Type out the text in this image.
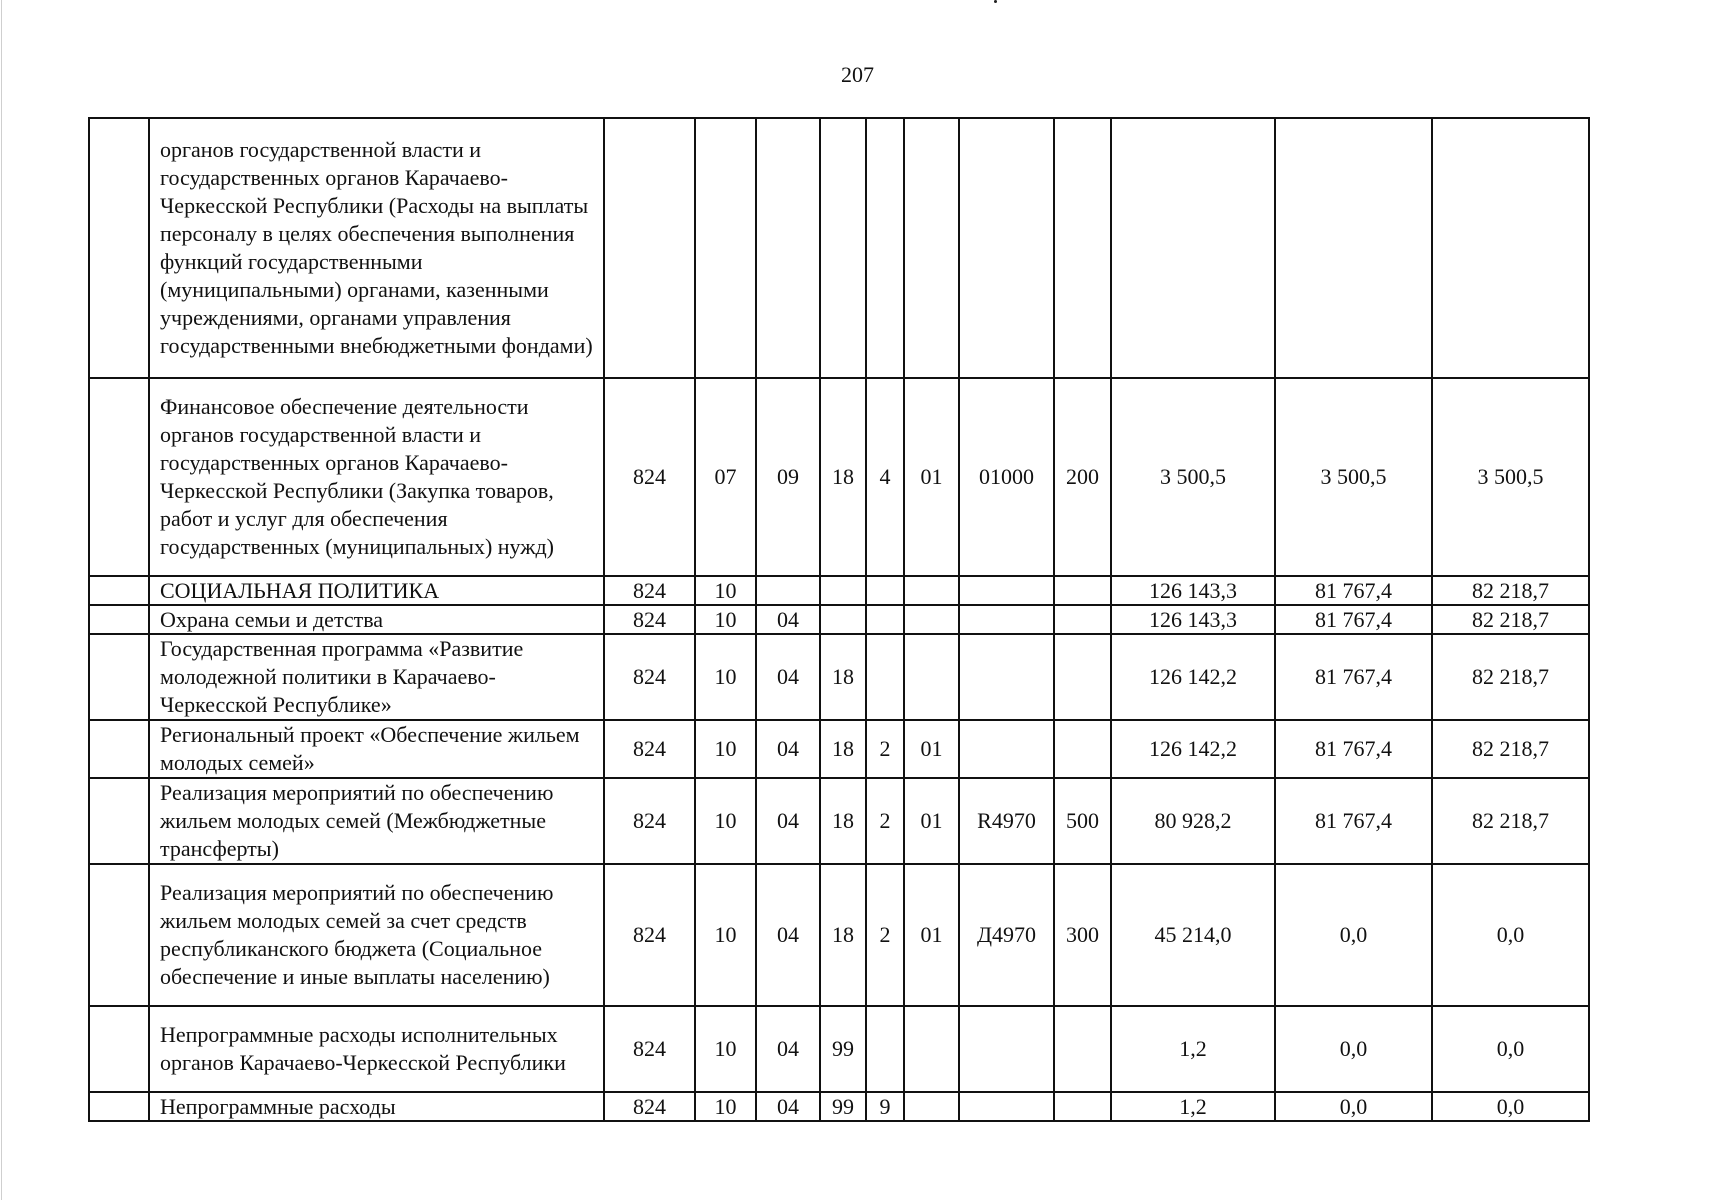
207
	органов государственной власти и государственных органов Карачаево-Черкесской Республики (Расходы на выплаты персоналу в целях обеспечения выполнения функций государственными (муниципальными) органами, казенными учреждениями, органами управления государственными внебюджетными фондами)											
	Финансовое обеспечение деятельности органов государственной власти и государственных органов Карачаево-Черкесской Республики (Закупка товаров, работ и услуг для обеспечения государственных (муниципальных) нужд)	824	07	09	18	4	01	01000	200	3 500,5	3 500,5	3 500,5
	СОЦИАЛЬНАЯ ПОЛИТИКА	824	10							126 143,3	81 767,4	82 218,7
	Охрана семьи и детства	824	10	04						126 143,3	81 767,4	82 218,7
	Государственная программа «Развитие молодежной политики в Карачаево-Черкесской Республике»	824	10	04	18					126 142,2	81 767,4	82 218,7
	Региональный проект «Обеспечение жильем молодых семей»	824	10	04	18	2	01			126 142,2	81 767,4	82 218,7
	Реализация мероприятий по обеспечению жильем молодых семей (Межбюджетные трансферты)	824	10	04	18	2	01	R4970	500	80 928,2	81 767,4	82 218,7
	Реализация мероприятий по обеспечению жильем молодых семей за счет средств республиканского бюджета (Социальное обеспечение и иные выплаты населению)	824	10	04	18	2	01	Д4970	300	45 214,0	0,0	0,0
	Непрограммные расходы исполнительных органов Карачаево-Черкесской Республики	824	10	04	99					1,2	0,0	0,0
	Непрограммные расходы	824	10	04	99	9				1,2	0,0	0,0
